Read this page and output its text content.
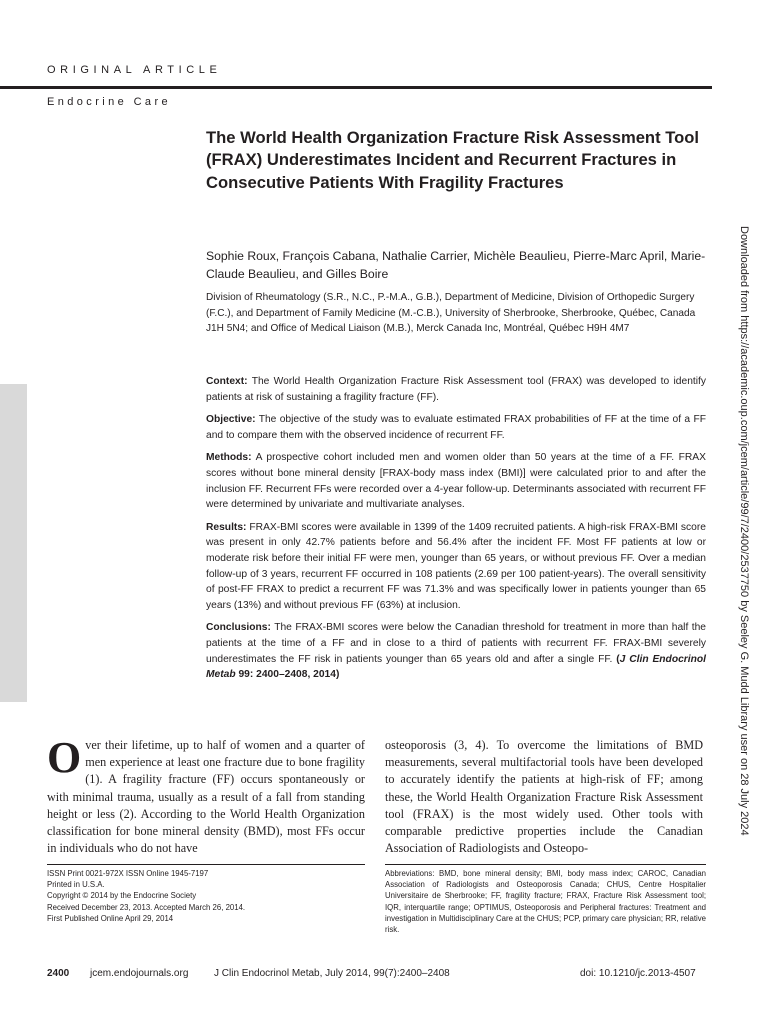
ORIGINAL ARTICLE
Endocrine Care
The World Health Organization Fracture Risk Assessment Tool (FRAX) Underestimates Incident and Recurrent Fractures in Consecutive Patients With Fragility Fractures

Sophie Roux, François Cabana, Nathalie Carrier, Michèle Beaulieu, Pierre-Marc April, Marie-Claude Beaulieu, and Gilles Boire

Division of Rheumatology (S.R., N.C., P.-M.A., G.B.), Department of Medicine, Division of Orthopedic Surgery (F.C.), and Department of Family Medicine (M.-C.B.), University of Sherbrooke, Sherbrooke, Québec, Canada J1H 5N4; and Office of Medical Liaison (M.B.), Merck Canada Inc, Montréal, Québec H9H 4M7

Context: The World Health Organization Fracture Risk Assessment tool (FRAX) was developed to identify patients at risk of sustaining a fragility fracture (FF).

Objective: The objective of the study was to evaluate estimated FRAX probabilities of FF at the time of a FF and to compare them with the observed incidence of recurrent FF.

Methods: A prospective cohort included men and women older than 50 years at the time of a FF. FRAX scores without bone mineral density [FRAX-body mass index (BMI)] were calculated prior to and after the inclusion FF. Recurrent FFs were recorded over a 4-year follow-up. Determinants associated with recurrent FF were determined by univariate and multivariate analyses.

Results: FRAX-BMI scores were available in 1399 of the 1409 recruited patients. A high-risk FRAX-BMI score was present in only 42.7% patients before and 56.4% after the incident FF. Most FF patients at low or moderate risk before their initial FF were men, younger than 65 years, or without previous FF. Over a median follow-up of 3 years, recurrent FF occurred in 108 patients (2.69 per 100 patient-years). The overall sensitivity of post-FF FRAX to predict a recurrent FF was 71.3% and was specifically lower in patients younger than 65 years (13%) and without previous FF (63%) at inclusion.

Conclusions: The FRAX-BMI scores were below the Canadian threshold for treatment in more than half the patients at the time of a FF and in close to a third of patients with recurrent FF. FRAX-BMI severely underestimates the FF risk in patients younger than 65 years old and after a single FF. (J Clin Endocrinol Metab 99: 2400–2408, 2014)

Over their lifetime, up to half of women and a quarter of men experience at least one fracture due to bone fragility (1). A fragility fracture (FF) occurs spontaneously or with minimal trauma, usually as a result of a fall from standing height or less (2). According to the World Health Organization classification for bone mineral density (BMD), most FFs occur in individuals who do not have

osteoporosis (3, 4). To overcome the limitations of BMD measurements, several multifactorial tools have been developed to accurately identify the patients at high-risk of FF; among these, the World Health Organization Fracture Risk Assessment tool (FRAX) is the most widely used. Other tools with comparable predictive properties include the Canadian Association of Radiologists and Osteopo-

ISSN Print 0021-972X ISSN Online 1945-7197
Printed in U.S.A.
Copyright © 2014 by the Endocrine Society
Received December 23, 2013. Accepted March 26, 2014.
First Published Online April 29, 2014

Abbreviations: BMD, bone mineral density; BMI, body mass index; CAROC, Canadian Association of Radiologists and Osteoporosis Canada; CHUS, Centre Hospitalier Universitaire de Sherbrooke; FF, fragility fracture; FRAX, Fracture Risk Assessment tool; IQR, interquartile range; OPTIMUS, Osteoporosis and Peripheral fractures: Treatment and investigation in Multidisciplinary Care at the CHUS; PCP, primary care physician; RR, relative risk.

2400 jcem.endojournals.org	J Clin Endocrinol Metab, July 2014, 99(7):2400–2408	doi: 10.1210/jc.2013-4507
Downloaded from https://academic.oup.com/jcem/article/99/7/2400/2537750 by Seeley G. Mudd Library user on 28 July 2024
